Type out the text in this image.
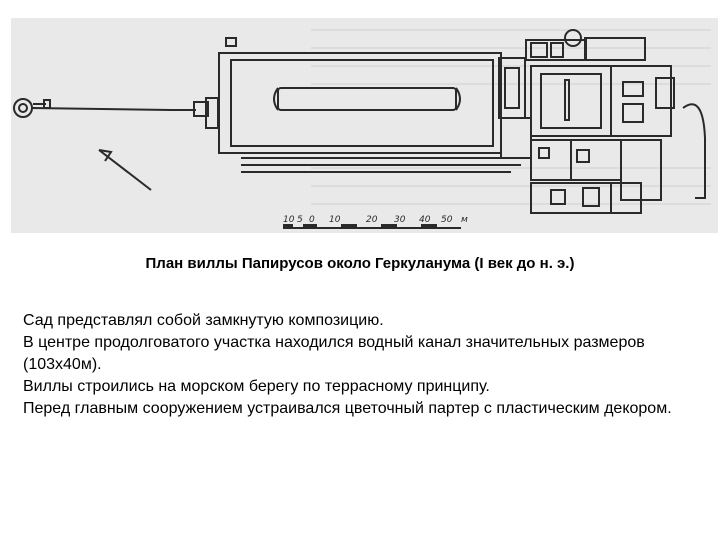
10 5 0 10	20 30 40 50 м
План виллы Папирусов около Геркуланума (I век до н. э.)

Сад представлял собой замкнутую композицию.

В центре продолговатого участка находился водный канал значительных размеров (103х40м).

Виллы строились на морском берегу по террасному принципу.

Перед главным сооружением устраивался цветочный партер с пластическим декором.
